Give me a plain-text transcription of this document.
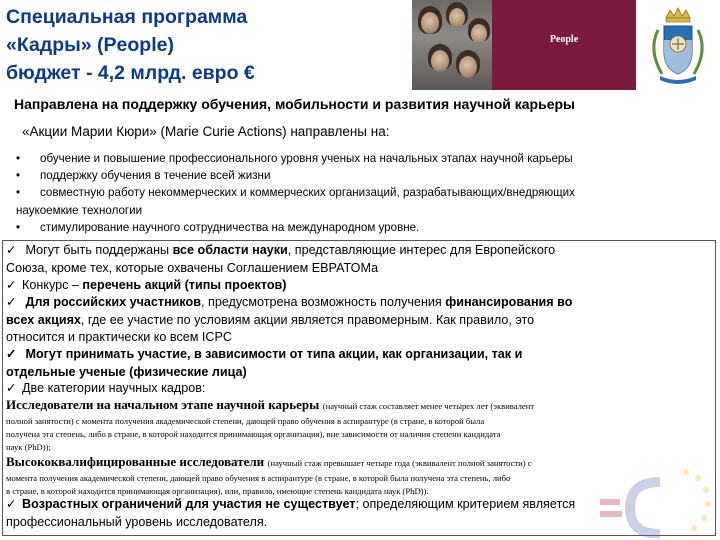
Специальная программа
«Кадры» (People)
бюджет - 4,2 млрд. евро €
People
Направлена на поддержку обучения, мобильности и развития научной карьеры
«Акции Марии Кюри» (Marie Curie Actions) направлены на:
• обучение и повышение профессионального уровня ученых на начальных этапах научной карьеры
• поддержку обучения в течение всей жизни
• совместную работу некоммерческих и коммерческих организаций, разрабатывающих/внедряющих
наукоемкие технологии
• стимулирование научного сотрудничества на международном уровне.
✓ Могут быть поддержаны все области науки, представляющие интерес для Европейского
Союза, кроме тех, которые охвачены Соглашением ЕВРАТОМа
✓ Конкурс – перечень акций (типы проектов)
✓ Для российских участников, предусмотрена возможность получения финансирования во
всех акциях, где ее участие по условиям акции является правомерным. Как правило, это
относится и практически ко всем ICPC
✓ Могут принимать участие, в зависимости от типа акции, как организации, так и
отдельные ученые (физические лица)
✓ Две категории научных кадров:
Исследователи на начальном этапе научной карьеры (научный стаж составляет менее четырех лет (эквивалент
полной занятости) с момента получения академической степени, дающей право обучения в аспирантуре (в стране, в которой была
получена эта степень, либо в стране, в которой находится принимающая организация), вне зависимости от наличия степени кандидата
наук (PhD));
Высококвалифицированные исследователи (научный стаж превышает четыре года (эквивалент полной занятости) с
момента получения академической степени, дающей право обучения в аспирантуре (в стране, в которой была получена эта степень, либо
в стране, в которой находится принимающая организация), или, правило, имеющие степень кандидата наук (PhD)).
✓ Возрастных ограничений для участия не существует; определяющим критерием является
профессиональный уровень исследователя.
